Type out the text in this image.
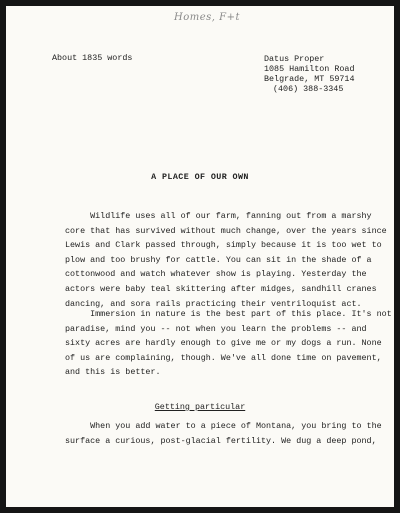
Homes, F+t
About 1835 words	Datus Proper
1085 Hamilton Road
Belgrade, MT 59714
(406) 388-3345
A PLACE OF OUR OWN
Wildlife uses all of our farm, fanning out from a marshy
core that has survived without much change, over the years since
Lewis and Clark passed through, simply because it is too wet to
plow and too brushy for cattle. You can sit in the shade of a
cottonwood and watch whatever show is playing. Yesterday the
actors were baby teal skittering after midges, sandhill cranes
dancing, and sora rails practicing their ventriloquist act.
Immersion in nature is the best part of this place. It's not
paradise, mind you -- not when you learn the problems -- and
sixty acres are hardly enough to give me or my dogs a run. None
of us are complaining, though. We've all done time on pavement,
and this is better.
Getting particular
When you add water to a piece of Montana, you bring to the
surface a curious, post-glacial fertility. We dug a deep pond,
